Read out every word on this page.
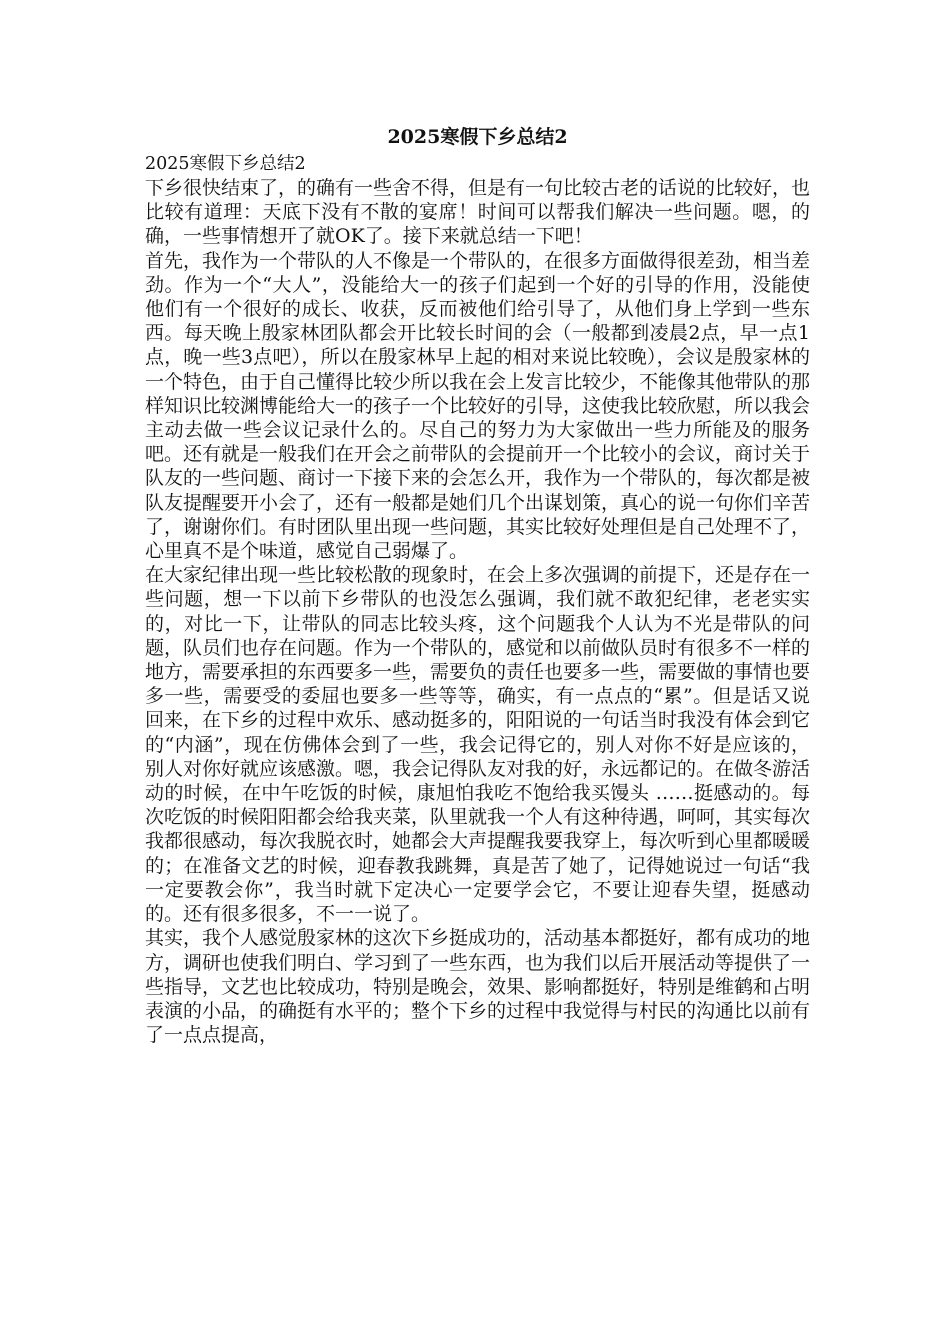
2025寒假下乡总结2

2025寒假下乡总结2

下乡很快结束了，的确有一些舍不得，但是有一句比较古老的话说的比较好，也比较有道理：天底下没有不散的宴席！时间可以帮我们解决一些问题。嗯，的确，一些事情想开了就OK了。接下来就总结一下吧！

首先，我作为一个带队的人不像是一个带队的，在很多方面做得很差劲，相当差劲。作为一个“大人”，没能给大一的孩子们起到一个好的引导的作用，没能使他们有一个很好的成长、收获，反而被他们给引导了，从他们身上学到一些东西。每天晚上殷家林团队都会开比较长时间的会（一般都到凌晨2点，早一点1点，晚一些3点吧），所以在殷家林早上起的相对来说比较晚），会议是殷家林的一个特色，由于自己懂得比较少所以我在会上发言比较少，不能像其他带队的那样知识比较渊博能给大一的孩子一个比较好的引导，这使我比较欣慰，所以我会主动去做一些会议记录什么的。尽自己的努力为大家做出一些力所能及的服务吧。还有就是一般我们在开会之前带队的会提前开一个比较小的会议，商讨关于队友的一些问题、商讨一下接下来的会怎么开，我作为一个带队的，每次都是被队友提醒要开小会了，还有一般都是她们几个出谋划策，真心的说一句你们辛苦了，谢谢你们。有时团队里出现一些问题，其实比较好处理但是自己处理不了，心里真不是个味道，感觉自己弱爆了。

在大家纪律出现一些比较松散的现象时，在会上多次强调的前提下，还是存在一些问题，想一下以前下乡带队的也没怎么强调，我们就不敢犯纪律，老老实实的，对比一下，让带队的同志比较头疼，这个问题我个人认为不光是带队的问题，队员们也存在问题。作为一个带队的，感觉和以前做队员时有很多不一样的地方，需要承担的东西要多一些，需要负的责任也要多一些，需要做的事情也要多一些，需要受的委屈也要多一些等等，确实，有一点点的“累”。但是话又说回来，在下乡的过程中欢乐、感动挺多的，阳阳说的一句话当时我没有体会到它的“内涵”，现在仿佛体会到了一些，我会记得它的，别人对你不好是应该的，别人对你好就应该感激。嗯，我会记得队友对我的好，永远都记的。在做冬游活动的时候，在中午吃饭的时候，康旭怕我吃不饱给我买馒头 ……挺感动的。每次吃饭的时候阳阳都会给我夹菜，队里就我一个人有这种待遇，呵呵，其实每次我都很感动，每次我脱衣时，她都会大声提醒我要我穿上，每次听到心里都暖暖的；在准备文艺的时候，迎春教我跳舞，真是苦了她了，记得她说过一句话“我一定要教会你”，我当时就下定决心一定要学会它，不要让迎春失望，挺感动的。还有很多很多，不一一说了。

其实，我个人感觉殷家林的这次下乡挺成功的，活动基本都挺好，都有成功的地方，调研也使我们明白、学习到了一些东西，也为我们以后开展活动等提供了一些指导，文艺也比较成功，特别是晚会，效果、影响都挺好，特别是维鹤和占明表演的小品，的确挺有水平的；整个下乡的过程中我觉得与村民的沟通比以前有了一点点提高，
